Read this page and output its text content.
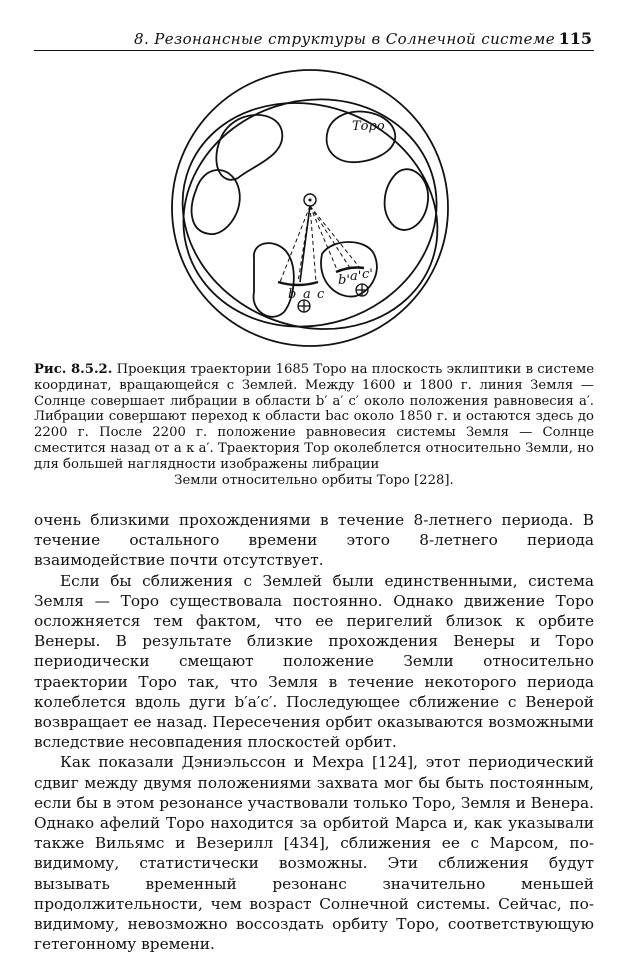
8. Резонансные структуры в Солнечной системе 115
Торо
b a c
b' a' c'
Рис. 8.5.2. Проекция траектории 1685 Торо на плоскость эклиптики в системе координат, вращающейся с Землей. Между 1600 и 1800 г. линия Земля — Солнце совершает либрации в области b′ a′ c′ около положения равновесия a′. Либрации совершают переход к области bac около 1850 г. и остаются здесь до 2200 г. После 2200 г. положение равновесия системы Земля — Солнце сместится назад от a к a′. Траектория Тор околеблется относительно Земли, но для большей наглядности изображены либрации
Земли относительно орбиты Торо [228].

очень близкими прохождениями в течение 8-летнего периода. В течение остального времени этого 8-летнего периода взаимодействие почти отсутствует.

Если бы сближения с Землей были единственными, система Земля — Торо существовала постоянно. Однако движение Торо осложняется тем фактом, что ее перигелий близок к орбите Венеры. В результате близкие прохождения Венеры и Торо периодически смещают положение Земли относительно траектории Торо так, что Земля в течение некоторого периода колеблется вдоль дуги b′a′c′. Последующее сближение с Венерой возвращает ее назад. Пересечения орбит оказываются возможными вследствие несовпадения плоскостей орбит.

Как показали Дэниэльссон и Мехра [124], этот периодический сдвиг между двумя положениями захвата мог бы быть постоянным, если бы в этом резонансе участвовали только Торо, Земля и Венера. Однако афелий Торо находится за орбитой Марса и, как указывали также Вильямс и Везерилл [434], сближения ее с Марсом, по-видимому, статистически возможны. Эти сближения будут вызывать временный резонанс значительно меньшей продолжительности, чем возраст Солнечной системы. Сейчас, по-видимому, невозможно воссоздать орбиту Торо, соответствующую гетегонному времени.
